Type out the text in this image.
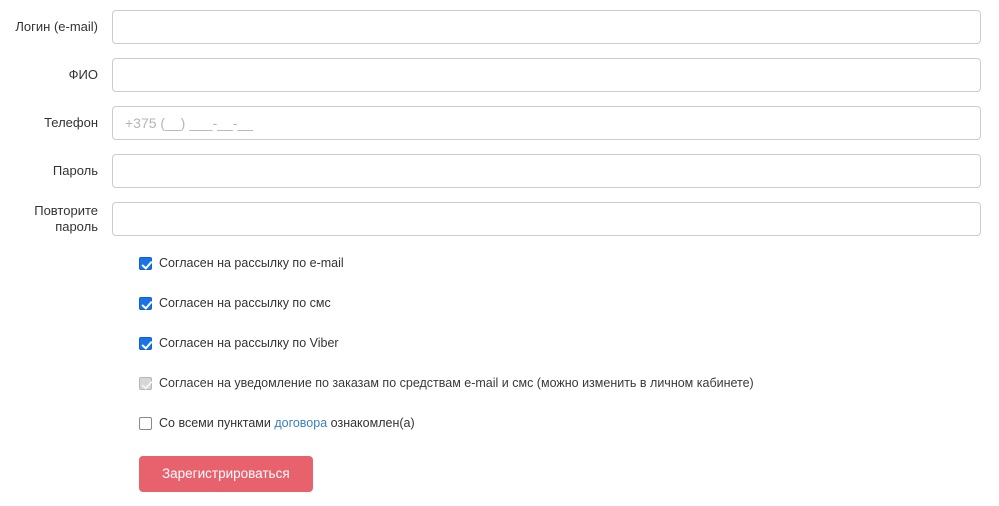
Логин (e-mail)
ФИО
Телефон
+375 (__) ___-__-__
Пароль
Повторите пароль
Согласен на рассылку по e-mail
Согласен на рассылку по смс
Согласен на рассылку по Viber
Согласен на уведомление по заказам по средствам e-mail и смс (можно изменить в личном кабинете)
Со всеми пунктами договора ознакомлен(а)
Зарегистрироваться
